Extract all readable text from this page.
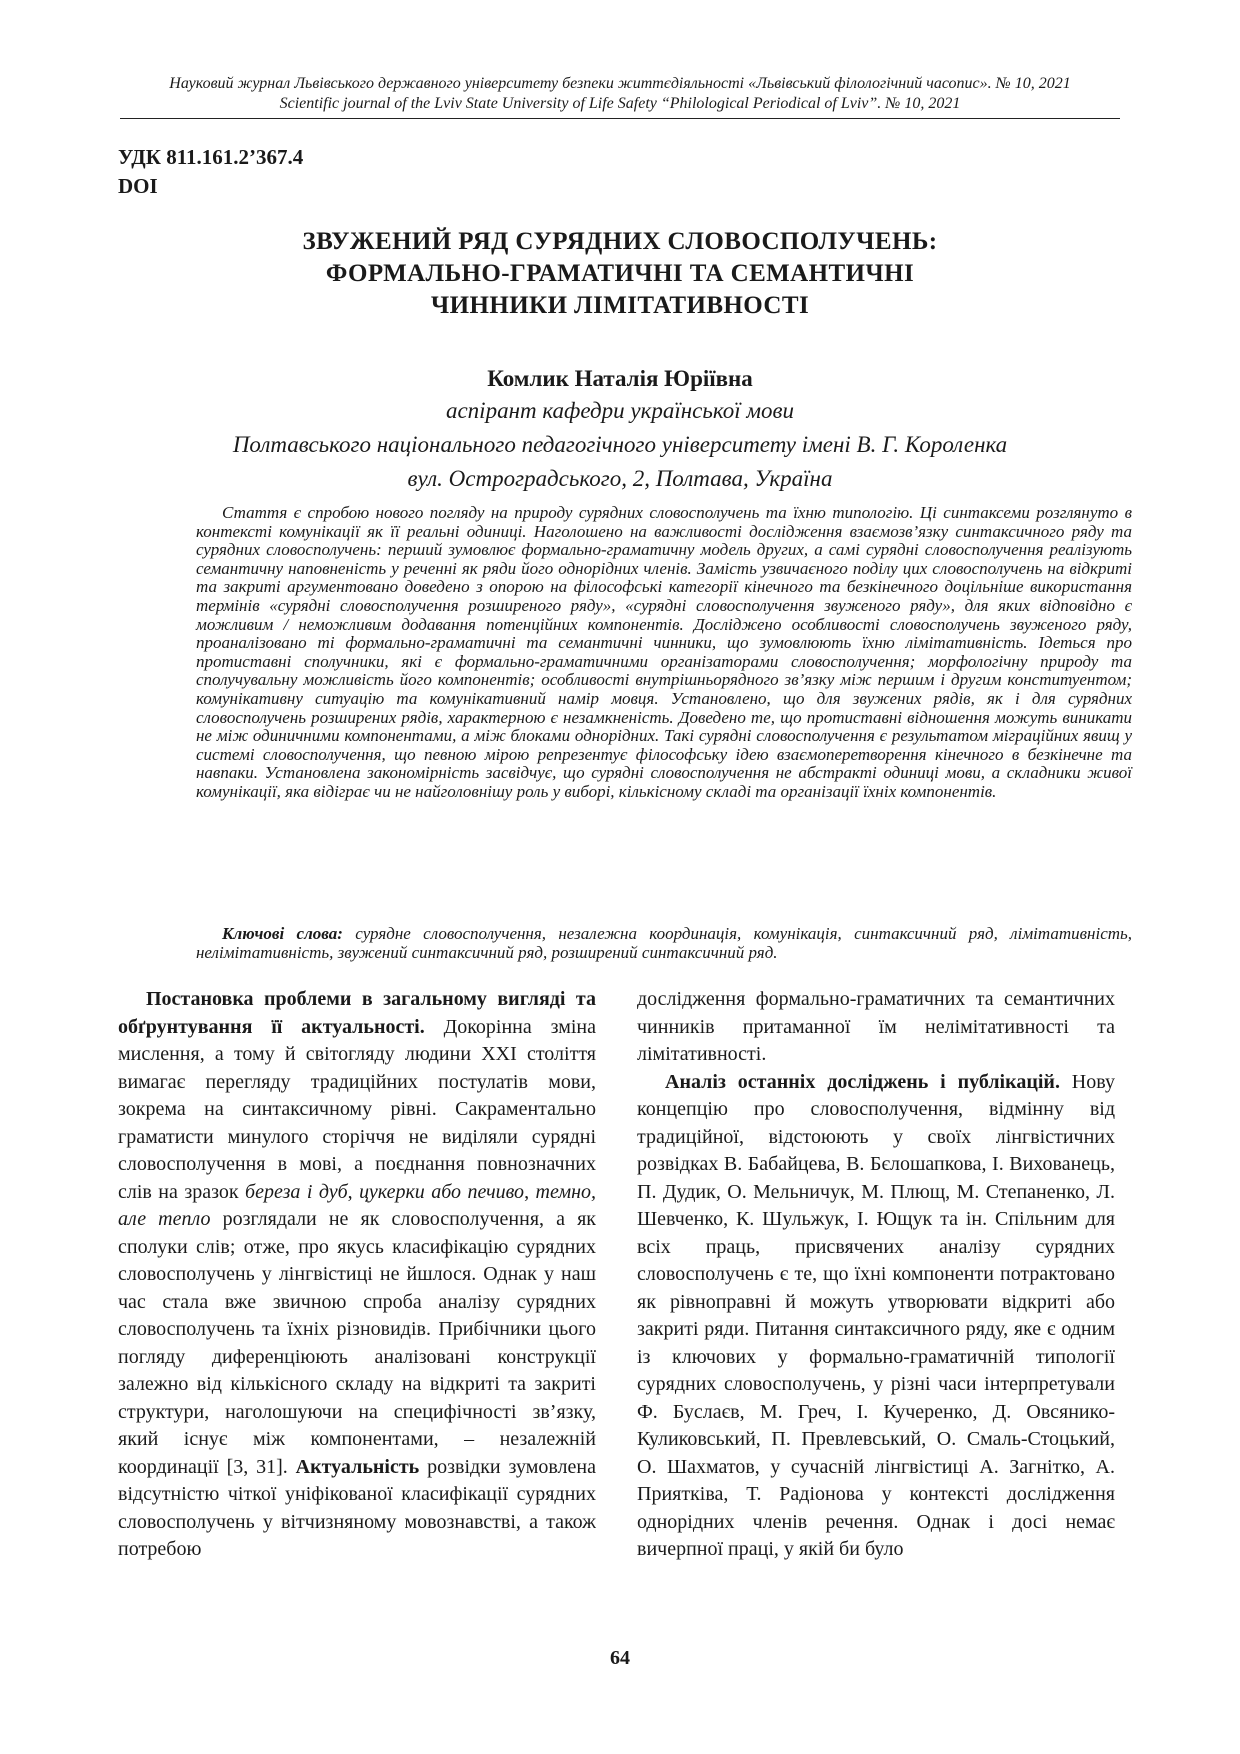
Науковий журнал Львівського державного університету безпеки життєдіяльності «Львівський філологічний часопис». № 10, 2021
Scientific journal of the Lviv State University of Life Safety “Philological Periodical of Lviv”. № 10, 2021
УДК 811.161.2’367.4
DOI
ЗВУЖЕНИЙ РЯД СУРЯДНИХ СЛОВОСПОЛУЧЕНЬ:
ФОРМАЛЬНО-ГРАМАТИЧНІ ТА СЕМАНТИЧНІ
ЧИННИКИ ЛІМІТАТИВНОСТІ
Комлик Наталія Юріївна
аспірант кафедри української мови
Полтавського національного педагогічного університету імені В. Г. Короленка
вул. Остроградського, 2, Полтава, Україна

Стаття є спробою нового погляду на природу сурядних словосполучень та їхню типологію. Ці синтаксеми розглянуто в контексті комунікації як її реальні одиниці. Наголошено на важливості дослідження взаємозв’язку синтаксичного ряду та сурядних словосполучень: перший зумовлює формально-граматичну модель других, а самі сурядні словосполучення реалізують семантичну наповненість у реченні як ряди його однорідних членів. Замість узвичаєного поділу цих словосполучень на відкриті та закриті аргументовано доведено з опорою на філософські категорії кінечного та безкінечного доцільніше використання термінів «сурядні словосполучення розширеного ряду», «сурядні словосполучення звуженого ряду», для яких відповідно є можливим / неможливим додавання потенційних компонентів. Досліджено особливості словосполучень звуженого ряду, проаналізовано ті формально-граматичні та семантичні чинники, що зумовлюють їхню лімітативність. Ідеться про протиставні сполучники, які є формально-граматичними організаторами словосполучення; морфологічну природу та сполучувальну можливість його компонентів; особливості внутрішньорядного зв’язку між першим і другим конституентом; комунікативну ситуацію та комунікативний намір мовця. Установлено, що для звужених рядів, як і для сурядних словосполучень розширених рядів, характерною є незамкненість. Доведено те, що протиставні відношення можуть виникати не між одиничними компонентами, а між блоками однорідних. Такі сурядні словосполучення є результатом міграційних явищ у системі словосполучення, що певною мірою репрезентує філософську ідею взаємоперетворення кінечного в безкінечне та навпаки. Установлена закономірність засвідчує, що сурядні словосполучення не абстракті одиниці мови, а складники живої комунікації, яка відіграє чи не найголовнішу роль у виборі, кількісному складі та організації їхніх компонентів.

Ключові слова: сурядне словосполучення, незалежна координація, комунікація, синтаксичний ряд, лімітативність, нелімітативність, звужений синтаксичний ряд, розширений синтаксичний ряд.

Постановка проблеми в загальному вигляді та обґрунтування її актуальності. Докорінна зміна мислення, а тому й світогляду людини ХХІ століття вимагає перегляду традиційних постулатів мови, зокрема на синтаксичному рівні. Сакраментально граматисти минулого сторіччя не виділяли сурядні словосполучення в мові, а поєднання повнозначних слів на зразок береза і дуб, цукерки або печиво, темно, але тепло розглядали не як словосполучення, а як сполуки слів; отже, про якусь класифікацію сурядних словосполучень у лінгвістиці не йшлося. Однак у наш час стала вже звичною спроба аналізу сурядних словосполучень та їхніх різновидів. Прибічники цього погляду диференціюють аналізовані конструкції залежно від кількісного складу на відкриті та закриті структури, наголошуючи на специфічності зв’язку, який існує між компонентами, – незалежній координації [3, 31]. Актуальність розвідки зумовлена відсутністю чіткої уніфікованої класифікації сурядних словосполучень у вітчизняному мовознавстві, а також потребою

дослідження формально-граматичних та семантичних чинників притаманної їм нелімітативності та лімітативності.

Аналіз останніх досліджень і публікацій. Нову концепцію про словосполучення, відмінну від традиційної, відстоюють у своїх лінгвістичних розвідках В. Бабайцева, В. Бєлошапкова, І. Вихованець, П. Дудик, О. Мельничук, М. Плющ, М. Степаненко, Л. Шевченко, К. Шульжук, І. Ющук та ін. Спільним для всіх праць, присвячених аналізу сурядних словосполучень є те, що їхні компоненти потрактовано як рівноправні й можуть утворювати відкриті або закриті ряди. Питання синтаксичного ряду, яке є одним із ключових у формально-граматичній типології сурядних словосполучень, у різні часи інтерпретували Ф. Буслаєв, М. Греч, І. Кучеренко, Д. Овсянико-Куликовський, П. Превлевський, О. Смаль-Стоцький, О. Шахматов, у сучасній лінгвістиці А. Загнітко, А. Приятківа, Т. Радіонова у контексті дослідження однорідних членів речення. Однак і досі немає вичерпної праці, у якій би було

64
